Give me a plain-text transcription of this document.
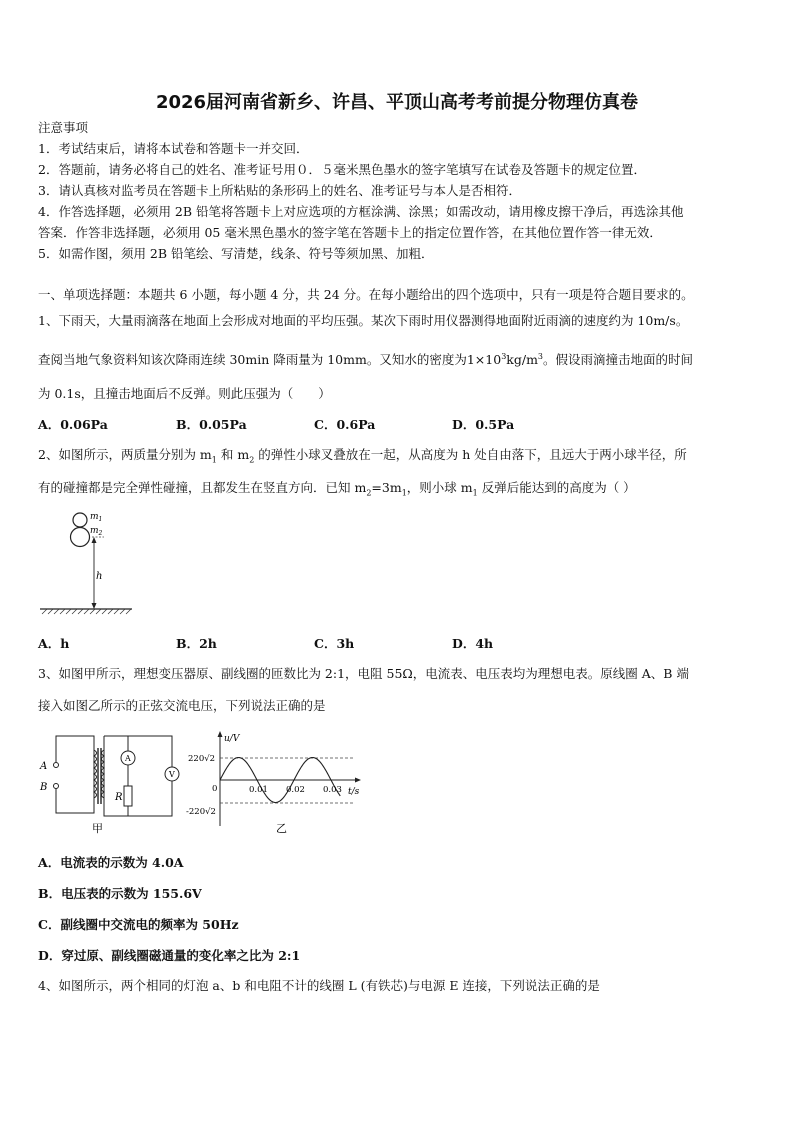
2026届河南省新乡、许昌、平顶山高考考前提分物理仿真卷
注意事项
1．考试结束后，请将本试卷和答题卡一并交回．
2．答题前，请务必将自己的姓名、准考证号用０．５毫米黑色墨水的签字笔填写在试卷及答题卡的规定位置．
3．请认真核对监考员在答题卡上所粘贴的条形码上的姓名、准考证号与本人是否相符．
4．作答选择题，必须用 2B 铅笔将答题卡上对应选项的方框涂满、涂黑；如需改动，请用橡皮擦干净后，再选涂其他
答案．作答非选择题，必须用 05 毫米黑色墨水的签字笔在答题卡上的指定位置作答，在其他位置作答一律无效．
5．如需作图，须用 2B 铅笔绘、写清楚，线条、符号等须加黑、加粗．
一、单项选择题：本题共 6 小题，每小题 4 分，共 24 分。在每小题给出的四个选项中，只有一项是符合题目要求的。
1、下雨天，大量雨滴落在地面上会形成对地面的平均压强。某次下雨时用仪器测得地面附近雨滴的速度约为 10m/s。
查阅当地气象资料知该次降雨连续 30min 降雨量为 10mm。又知水的密度为$1\times 10^3kg/m^3$。假设雨滴撞击地面的时间
为 0.1s，且撞击地面后不反弹。则此压强为（　　）
A．0.06Pa	B．0.05Pa	C．0.6Pa	D．0.5Pa
2、如图所示，两质量分别为 $m_1$ 和 $m_2$ 的弹性小球叉叠放在一起，从高度为 h 处自由落下，且远大于两小球半径，所
有的碰撞都是完全弹性碰撞，且都发生在竖直方向．已知 $m_2=3m_1$，则小球 $m_1$ 反弹后能达到的高度为（ ）
$m_1$
$m_2$
h
A．h	B．2h	C．3h	D．4h
3、如图甲所示，理想变压器原、副线圈的匝数比为 2:1，电阻 55Ω，电流表、电压表均为理想电表。原线圈 A、B 端
接入如图乙所示的正弦交流电压，下列说法正确的是
A
B
A
V
R
甲
u/V
220√2
-220√2
0	0.01 0.02 0.03 t/s
乙
A．电流表的示数为 4.0A
B．电压表的示数为 155.6V
C．副线圈中交流电的频率为 50Hz
D．穿过原、副线圈磁通量的变化率之比为 2:1
4、如图所示，两个相同的灯泡 a、b 和电阻不计的线圈 L (有铁芯)与电源 E 连接，下列说法正确的是
